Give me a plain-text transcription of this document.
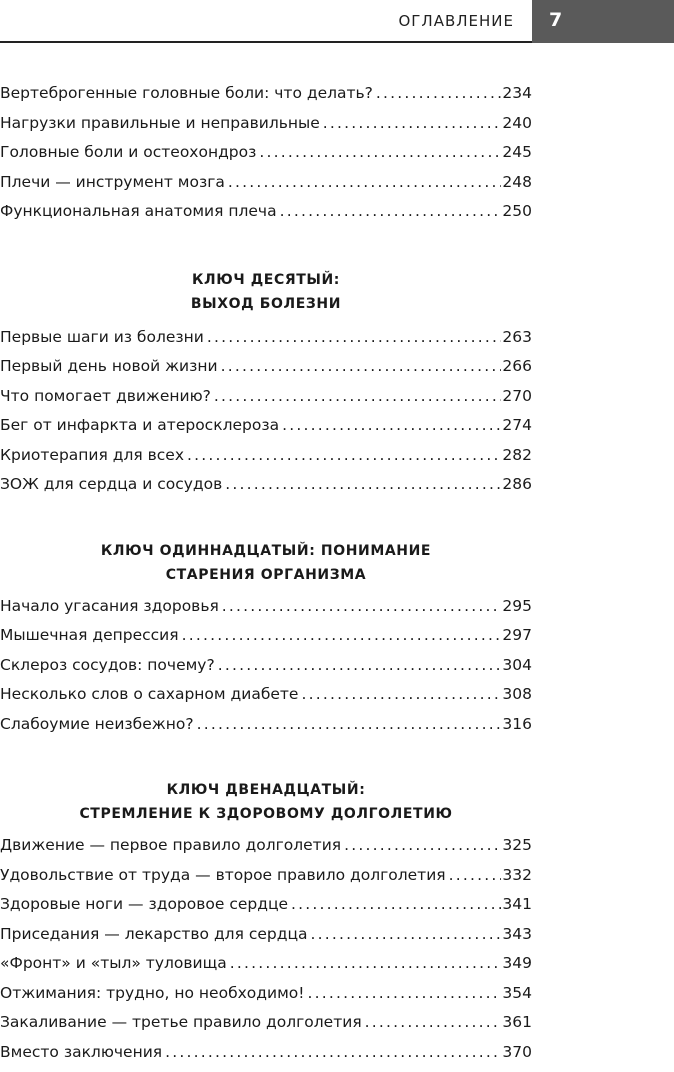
ОГЛАВЛЕНИЕ 7
Вертеброгенные головные боли: что делать? .....	234
Нагрузки правильные и неправильные .....	240
Головные боли и остеохондроз .....	245
Плечи — инструмент мозга .....	248
Функциональная анатомия плеча .....	250
КЛЮЧ ДЕСЯТЫЙ:
ВЫХОД БОЛЕЗНИ
Первые шаги из болезни .....	263
Первый день новой жизни .....	266
Что помогает движению? .....	270
Бег от инфаркта и атеросклероза .....	274
Криотерапия для всех .....	282
ЗОЖ для сердца и сосудов .....	286
КЛЮЧ ОДИННАДЦАТЫЙ: ПОНИМАНИЕ
СТАРЕНИЯ ОРГАНИЗМА
Начало угасания здоровья .....	295
Мышечная депрессия .....	297
Склероз сосудов: почему? .....	304
Несколько слов о сахарном диабете .....	308
Слабоумие неизбежно? .....	316
КЛЮЧ ДВЕНАДЦАТЫЙ:
СТРЕМЛЕНИЕ К ЗДОРОВОМУ ДОЛГОЛЕТИЮ
Движение — первое правило долголетия .....	325
Удовольствие от труда — второе правило долголетия .....	332
Здоровые ноги — здоровое сердце .....	341
Приседания — лекарство для сердца .....	343
«Фронт» и «тыл» туловища .....	349
Отжимания: трудно, но необходимо! .....	354
Закаливание — третье правило долголетия .....	361
Вместо заключения .....	370
